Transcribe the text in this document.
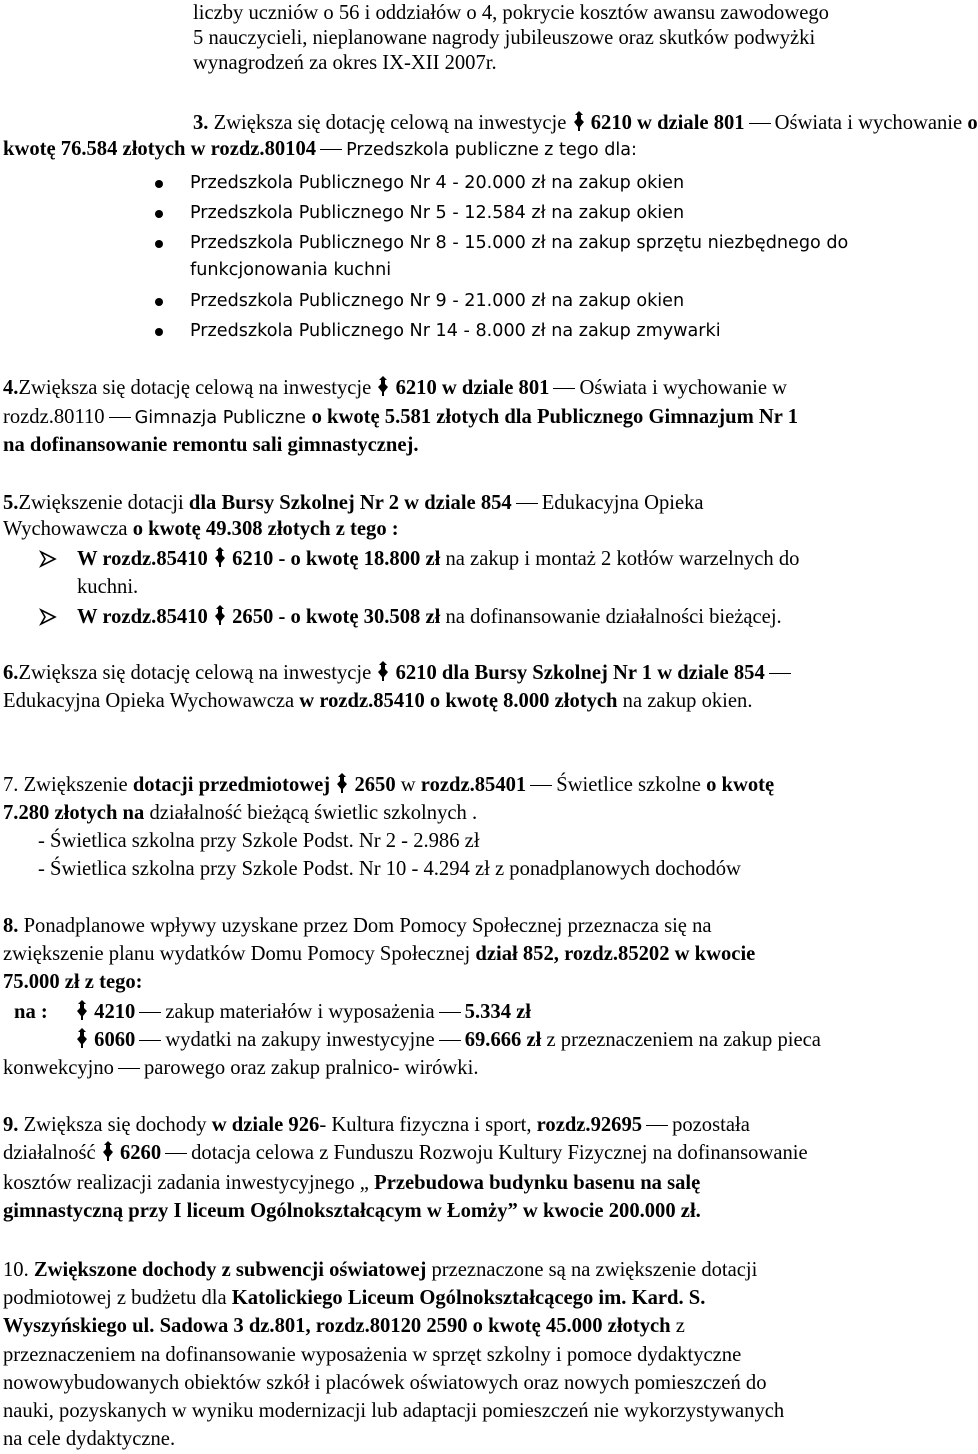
liczby uczniów o 56 i oddziałów o 4, pokrycie kosztów awansu zawodowego
5 nauczycieli, nieplanowane nagrody jubileuszowe oraz skutków podwyżki
wynagrodzeń za okres IX-XII 2007r.
3. Zwiększa się dotację celową na inwestycje  6210 w dziale 801 Oświata i wychowanie o
kwotę 76.584 złotych w rozdz.80104 Przedszkola publiczne z tego dla:
Przedszkola Publicznego Nr 4 - 20.000 zł na zakup okien
Przedszkola Publicznego Nr 5 - 12.584 zł na zakup okien
Przedszkola Publicznego Nr 8 - 15.000 zł na zakup sprzętu niezbędnego do
funkcjonowania kuchni
Przedszkola Publicznego Nr 9 - 21.000 zł na zakup okien
Przedszkola Publicznego Nr 14 - 8.000 zł na zakup zmywarki
4.Zwiększa się dotację celową na inwestycje  6210 w dziale 801 Oświata i wychowanie w
rozdz.80110 Gimnazja Publiczne o kwotę 5.581 złotych dla Publicznego Gimnazjum Nr 1
na dofinansowanie remontu sali gimnastycznej.
5.Zwiększenie dotacji dla Bursy Szkolnej Nr 2 w dziale 854 Edukacyjna Opieka
Wychowawcza o kwotę 49.308 złotych z tego :
W rozdz.85410 6210 - o kwotę 18.800 zł na zakup i montaż 2 kotłów warzelnych do
kuchni.
W rozdz.85410 2650 - o kwotę 30.508 zł na dofinansowanie działalności bieżącej.
6.Zwiększa się dotację celową na inwestycje  6210 dla Bursy Szkolnej Nr 1 w dziale 854
Edukacyjna Opieka Wychowawcza w rozdz.85410 o kwotę 8.000 złotych na zakup okien.
7. Zwiększenie dotacji przedmiotowej 2650 w rozdz.85401 Świetlice szkolne o kwotę
7.280 złotych na działalność bieżącą świetlic szkolnych .
- Świetlica szkolna przy Szkole Podst. Nr 2 - 2.986 zł
- Świetlica szkolna przy Szkole Podst. Nr 10 - 4.294 zł z ponadplanowych dochodów
8. Ponadplanowe wpływy uzyskane przez Dom Pomocy Społecznej przeznacza się na
zwiększenie planu wydatków Domu Pomocy Społecznej dział 852, rozdz.85202 w kwocie
75.000 zł z tego:
na :	4210 zakup materiałów i wyposażenia 5.334 zł
6060 wydatki na zakupy inwestycyjne 69.666 zł z przeznaczeniem na zakup pieca
konwekcyjno parowego oraz zakup pralnico- wirówki.
9. Zwiększa się dochody w dziale 926- Kultura fizyczna i sport, rozdz.92695 pozostała
działalność  6260 dotacja celowa z Funduszu Rozwoju Kultury Fizycznej na dofinansowanie
kosztów realizacji zadania inwestycyjnego „ Przebudowa budynku basenu na salę
gimnastyczną przy I liceum Ogólnokształcącym w Łomży” w kwocie 200.000 zł.
10. Zwiększone dochody z subwencji oświatowej przeznaczone są na zwiększenie dotacji
podmiotowej z budżetu dla Katolickiego Liceum Ogólnokształcącego im. Kard. S.
Wyszyńskiego ul. Sadowa 3 dz.801, rozdz.80120 2590 o kwotę 45.000 złotych z
przeznaczeniem na dofinansowanie wyposażenia w sprzęt szkolny i pomoce dydaktyczne
nowowybudowanych obiektów szkół i placówek oświatowych oraz nowych pomieszczeń do
nauki, pozyskanych w wyniku modernizacji lub adaptacji pomieszczeń nie wykorzystywanych
na cele dydaktyczne.
